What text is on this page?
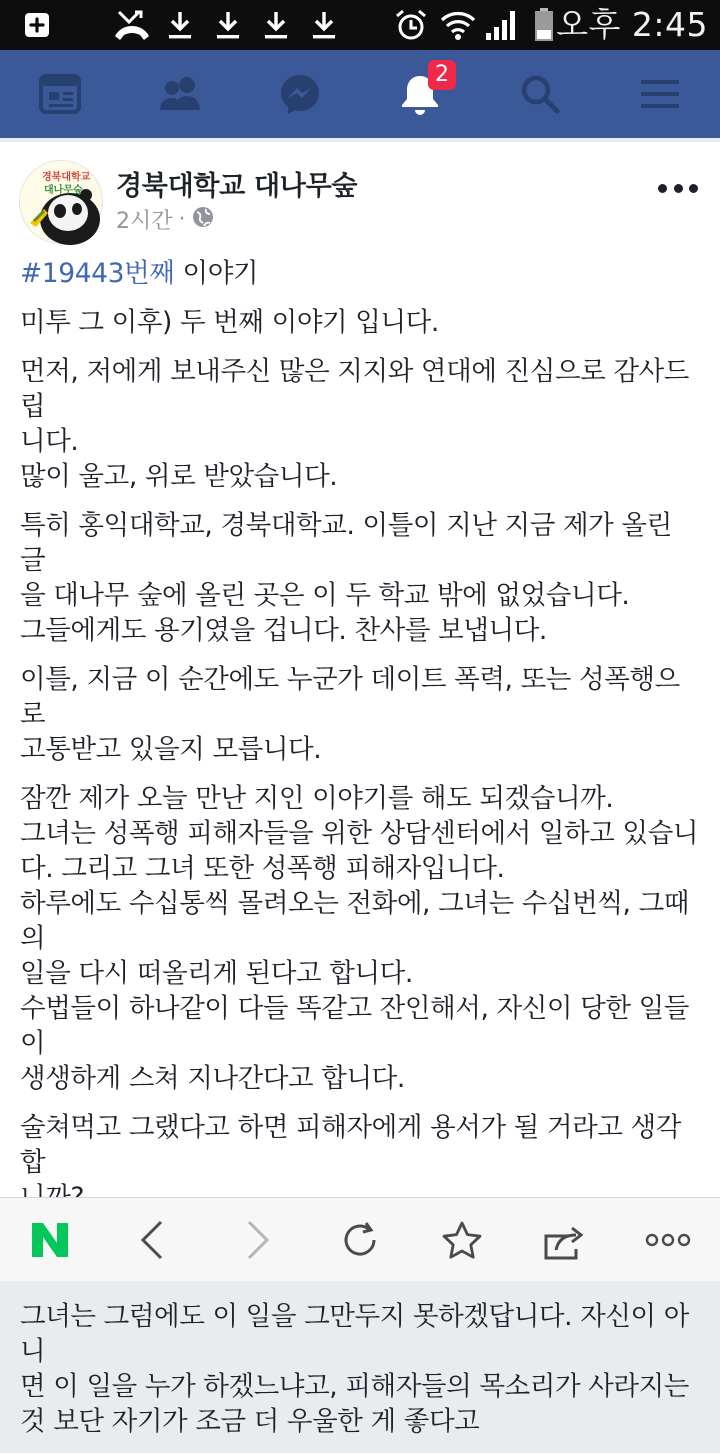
오후 2:45
2
경북대학교
대나무숲 경북대학교 대나무숲
2시간 ·

#19443번째 이야기

미투 그 이후) 두 번째 이야기 입니다.

먼저, 저에게 보내주신 많은 지지와 연대에 진심으로 감사드립
니다.
많이 울고, 위로 받았습니다.

특히 홍익대학교, 경북대학교. 이틀이 지난 지금 제가 올린 글
을 대나무 숲에 올린 곳은 이 두 학교 밖에 없었습니다.
그들에게도 용기였을 겁니다. 찬사를 보냅니다.

이틀, 지금 이 순간에도 누군가 데이트 폭력, 또는 성폭행으로
고통받고 있을지 모릅니다.

잠깐 제가 오늘 만난 지인 이야기를 해도 되겠습니까.
그녀는 성폭행 피해자들을 위한 상담센터에서 일하고 있습니
다. 그리고 그녀 또한 성폭행 피해자입니다.
하루에도 수십통씩 몰려오는 전화에, 그녀는 수십번씩, 그때의
일을 다시 떠올리게 된다고 합니다.
수법들이 하나같이 다들 똑같고 잔인해서, 자신이 당한 일들이
생생하게 스쳐 지나간다고 합니다.

술쳐먹고 그랬다고 하면 피해자에게 용서가 될 거라고 생각합

그녀는 그럼에도 이 일을 그만두지 못하겠답니다. 자신이 아니
면 이 일을 누가 하겠느냐고, 피해자들의 목소리가 사라지는
것 보단 자기가 조금 더 우울한 게 좋다고
